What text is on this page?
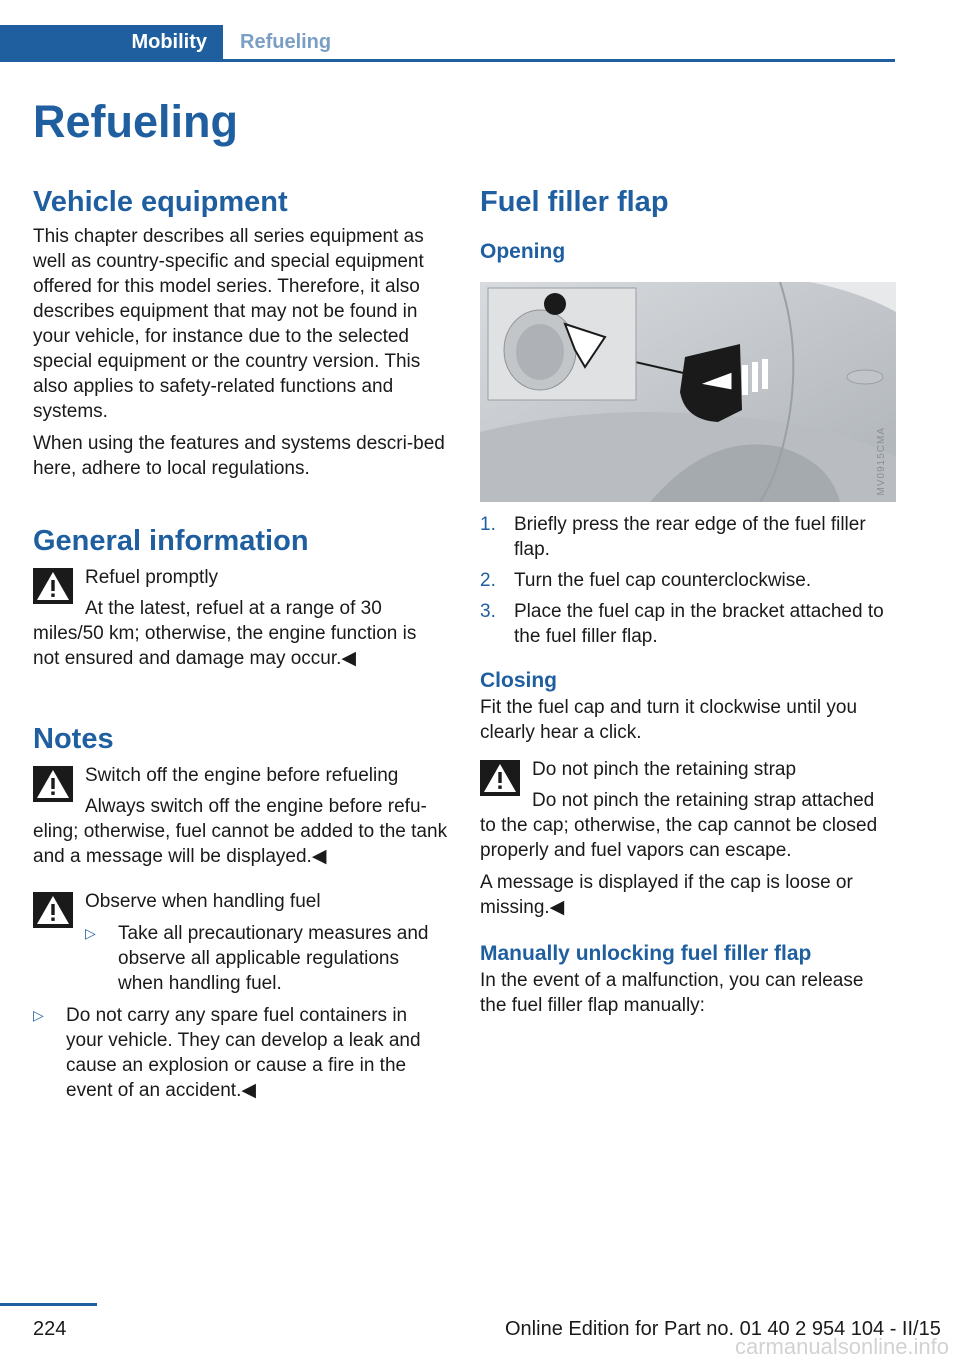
Mobility	Refueling
Refueling
Vehicle equipment

This chapter describes all series equipment as well as country-specific and special equipment offered for this model series. Therefore, it also describes equipment that may not be found in your vehicle, for instance due to the selected special equipment or the country version. This also applies to safety-related functions and systems.

When using the features and systems descri‐bed here, adhere to local regulations.

General information
Refuel promptly
At the latest, refuel at a range of 30 miles/50 km; otherwise, the engine function is not ensured and damage may occur.◀
Notes
Switch off the engine before refueling
Always switch off the engine before refu‐eling; otherwise, fuel cannot be added to the tank and a message will be displayed.◀
Observe when handling fuel
▷ Take all precautionary measures and observe all applicable regulations when handling fuel.
▷ Do not carry any spare fuel containers in your vehicle. They can develop a leak and cause an explosion or cause a fire in the event of an accident.◀
Fuel filler flap
Opening
MV0915CMA
1. Briefly press the rear edge of the fuel filler flap.
2. Turn the fuel cap counterclockwise.
3. Place the fuel cap in the bracket attached to the fuel filler flap.
Closing

Fit the fuel cap and turn it clockwise until you clearly hear a click.

Do not pinch the retaining strap
Do not pinch the retaining strap attached to the cap; otherwise, the cap cannot be closed properly and fuel vapors can escape.

A message is displayed if the cap is loose or missing.◀

Manually unlocking fuel filler flap

In the event of a malfunction, you can release the fuel filler flap manually:

224	Online Edition for Part no. 01 40 2 954 104 - II/15
carmanualsonline.info
